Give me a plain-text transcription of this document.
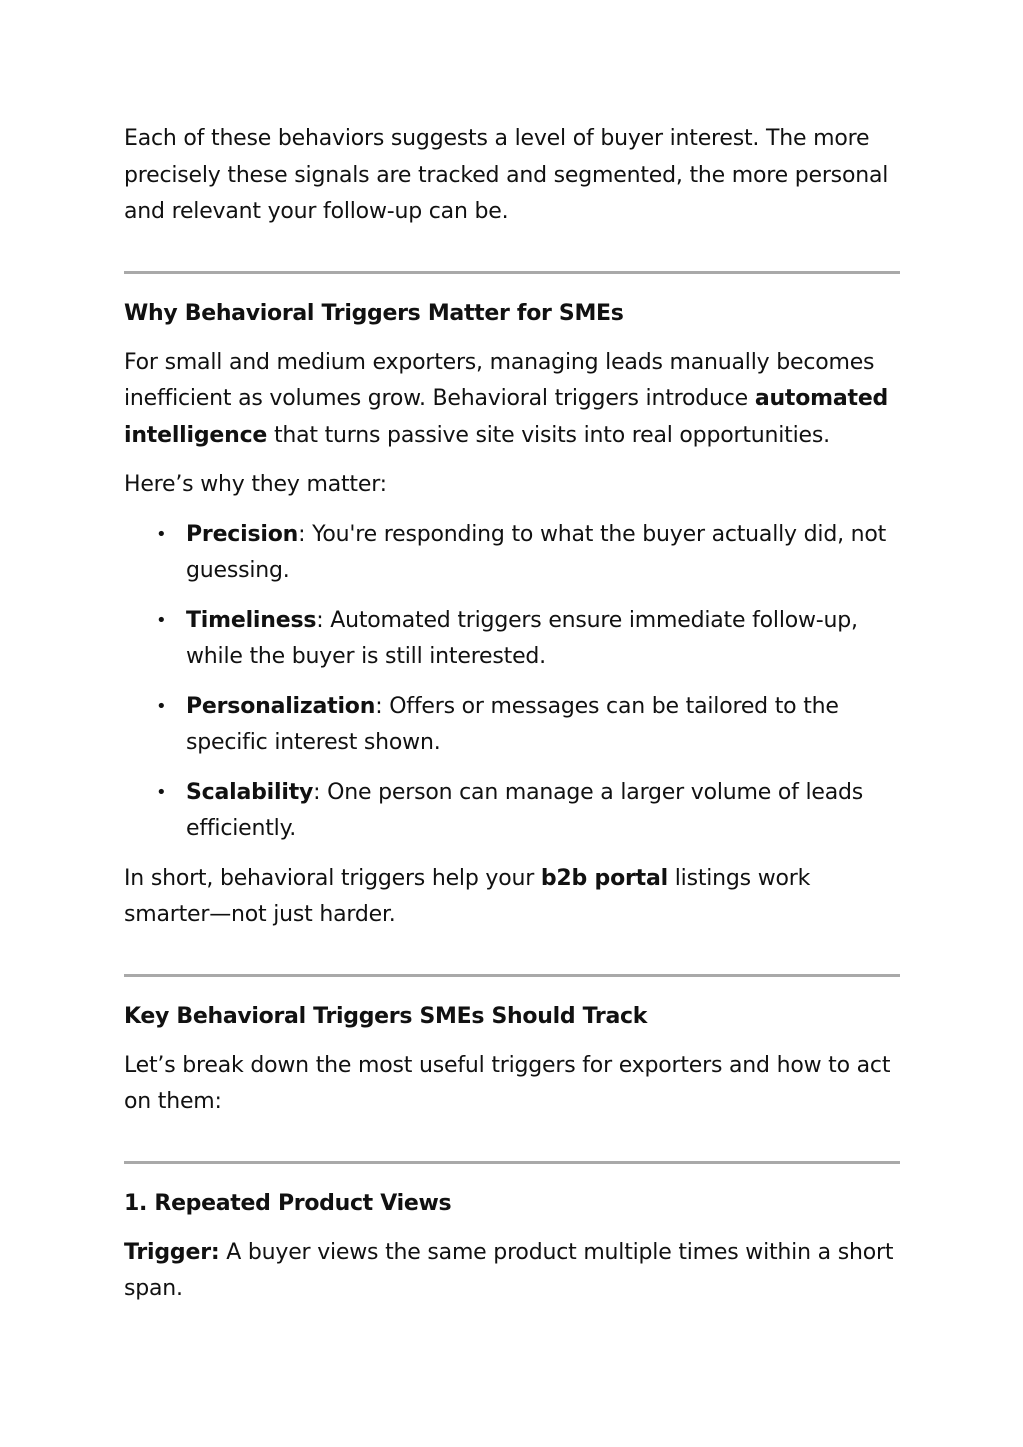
Each of these behaviors suggests a level of buyer interest. The more precisely these signals are tracked and segmented, the more personal and relevant your follow-up can be.

Why Behavioral Triggers Matter for SMEs

For small and medium exporters, managing leads manually becomes inefficient as volumes grow. Behavioral triggers introduce automated intelligence that turns passive site visits into real opportunities.

Here’s why they matter:

• Precision: You're responding to what the buyer actually did, not guessing.
• Timeliness: Automated triggers ensure immediate follow-up, while the buyer is still interested.
• Personalization: Offers or messages can be tailored to the specific interest shown.
• Scalability: One person can manage a larger volume of leads efficiently.

In short, behavioral triggers help your b2b portal listings work smarter—not just harder.

Key Behavioral Triggers SMEs Should Track

Let’s break down the most useful triggers for exporters and how to act on them:

1. Repeated Product Views

Trigger: A buyer views the same product multiple times within a short span.
